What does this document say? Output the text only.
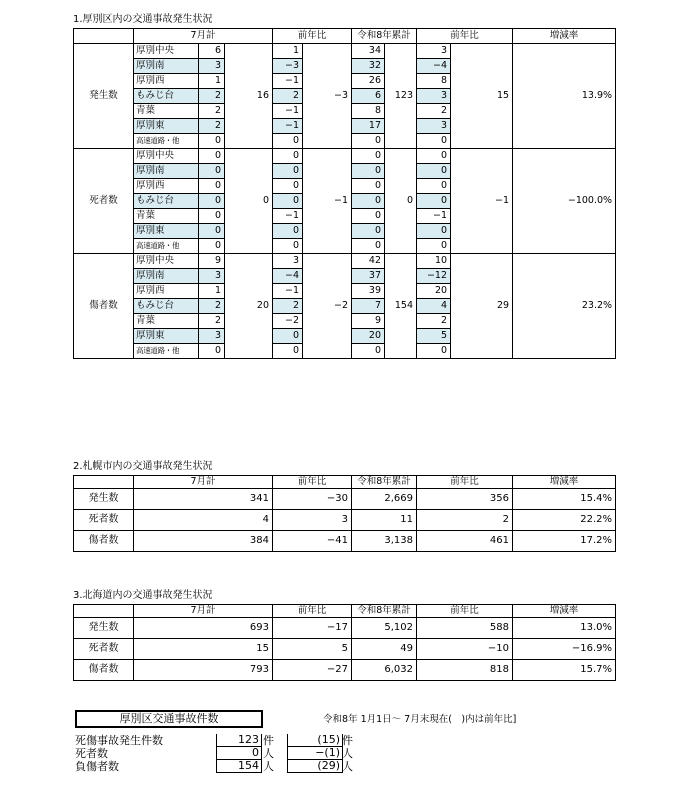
1.厚別区内の交通事故発生状況
	7月計			前年比		令和8年累計		前年比		増減率
発生数	厚別中央	6	16	1	−3	34	123	3	15	13.9%
	厚別南	3		−3		32		−4		
	厚別西	1		−1		26		8		
	もみじ台	2		2		6		3		
	青葉	2		−1		8		2		
	厚別東	2		−1		17		3		
	高速道路・他	0		0		0		0		
死者数	厚別中央	0	0	0	−1	0	0	0	−1	−100.0%
	厚別南	0		0		0		0		
	厚別西	0		0		0		0		
	もみじ台	0		0		0		0		
	青葉	0		−1		0		−1		
	厚別東	0		0		0		0		
	高速道路・他	0		0		0		0		
傷者数	厚別中央	9	20	3	−2	42	154	10	29	23.2%
	厚別南	3		−4		37		−12		
	厚別西	1		−1		39		20		
	もみじ台	2		2		7		4		
	青葉	2		−2		9		2		
	厚別東	3		0		20		5		
	高速道路・他	0		0		0		0		
2.札幌市内の交通事故発生状況
	7月計	前年比	令和8年累計	前年比	増減率
発生数	341	−30	2,669	356	15.4%
死者数	4	3	11	2	22.2%
傷者数	384	−41	3,138	461	17.2%
3.北海道内の交通事故発生状況
	7月計	前年比	令和8年累計	前年比	増減率
発生数	693	−17	5,102	588	13.0%
死者数	15	5	49	−10	−16.9%
傷者数	793	−27	6,032	818	15.7%
厚別区交通事故件数	令和8年 1月1日～ 7月末現在(　)内は前年比]
死傷事故発生件数	123 件	(15) 件
死者数	0 人	−(1) 人
負傷者数	154 人	(29) 人
